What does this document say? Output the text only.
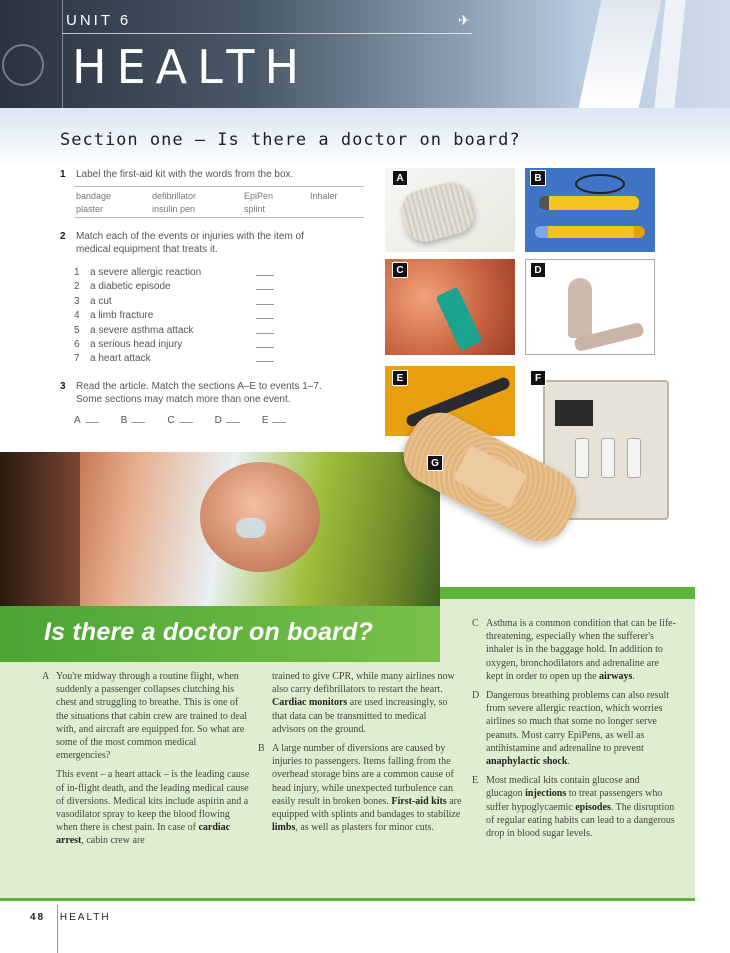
UNIT 6
HEALTH
✈
Section one – Is there a doctor on board?
1 Label the first-aid kit with the words from the box.
bandage	defibrillator	EpiPen	Inhaler
plaster	insulin pen	splint
2 Match each of the events or injuries with the item of
medical equipment that treats it.
1	a severe allergic reaction
2	a diabetic episode
3	a cut
4	a limb fracture
5	a severe asthma attack
6	a serious head injury
7	a heart attack
3 Read the article. Match the sections A–E to events 1–7.
Some sections may match more than one event.
A	B	C	D	E
A	B
C	D
E	F
G
Is there a doctor on board?

A You're midway through a routine flight, when suddenly a passenger collapses clutching his chest and struggling to breathe. This is one of the situations that cabin crew are trained to deal with, and aircraft are equipped for. So what are some of the most common medical emergencies?

This event – a heart attack – is the leading cause of in-flight death, and the leading medical cause of diversions. Medical kits include aspirin and a vasodilator spray to keep the blood flowing when there is chest pain. In case of cardiac arrest, cabin crew are

trained to give CPR, while many airlines now also carry defibrillators to restart the heart. Cardiac monitors are used increasingly, so that data can be transmitted to medical advisors on the ground.

B A large number of diversions are caused by injuries to passengers. Items falling from the overhead storage bins are a common cause of head injury, while unexpected turbulence can easily result in broken bones. First-aid kits are equipped with splints and bandages to stabilize limbs, as well as plasters for minor cuts.

C Asthma is a common condition that can be life-threatening, especially when the sufferer's inhaler is in the baggage hold. In addition to oxygen, bronchodilators and adrenaline are kept in order to open up the airways.

D Dangerous breathing problems can also result from severe allergic reaction, which worries airlines so much that some no longer serve peanuts. Most carry EpiPens, as well as antihistamine and adrenaline to prevent anaphylactic shock.

E Most medical kits contain glucose and glucagon injections to treat passengers who suffer hypoglycaemic episodes. The disruption of regular eating habits can lead to a dangerous drop in blood sugar levels.

48 HEALTH
